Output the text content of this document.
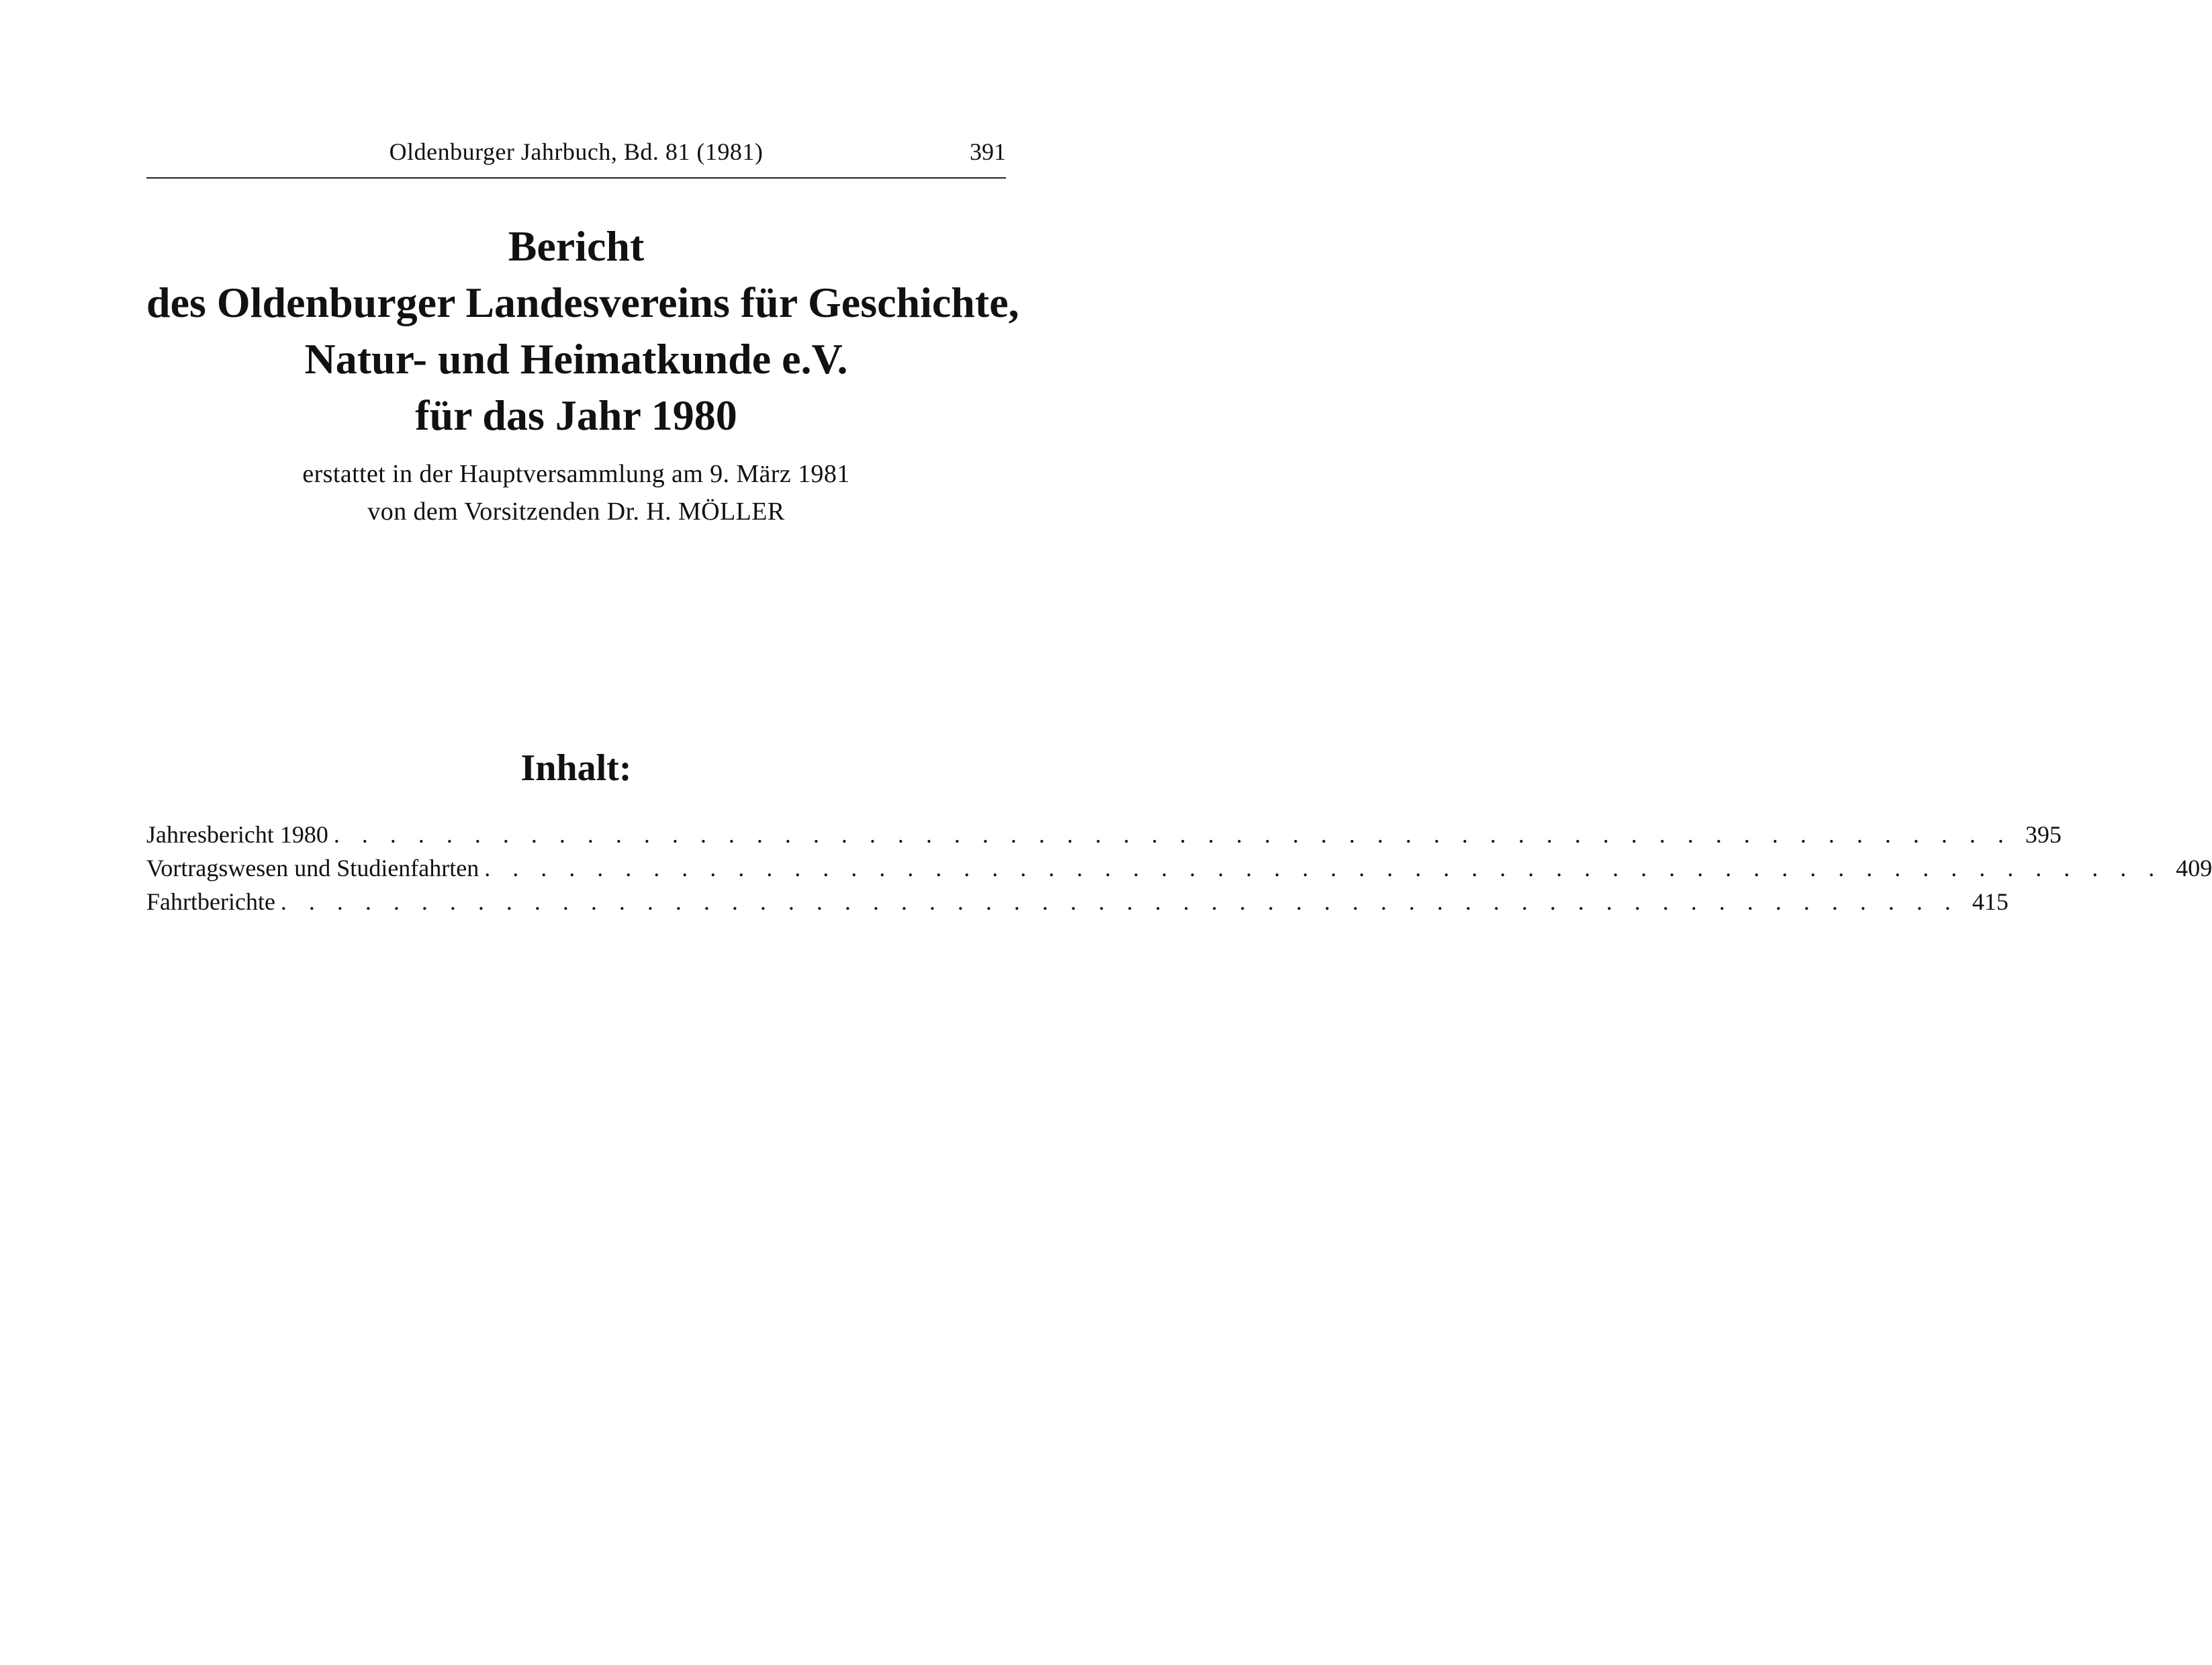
Oldenburger Jahrbuch, Bd. 81 (1981)	391
Bericht
des Oldenburger Landesvereins für Geschichte,
Natur- und Heimatkunde e.V.
für das Jahr 1980
erstattet in der Hauptversammlung am 9. März 1981
von dem Vorsitzenden Dr. H. MÖLLER
Inhalt:
Jahresbericht 1980 . . . . . . . . . . . . . . . . . . . . . . . . . . . . . . . . . . . . . . . . . . . . . . . . . . . . . . . . . . . . 395
Vortragswesen und Studienfahrten . . . . . . . . . . . . . . . . . . . . . . . . . . . . . . . . . . . . . . . . . . . . . . . . . . . . . . . . . . . . 409
Fahrtberichte . . . . . . . . . . . . . . . . . . . . . . . . . . . . . . . . . . . . . . . . . . . . . . . . . . . . . . . . . . . . 415
